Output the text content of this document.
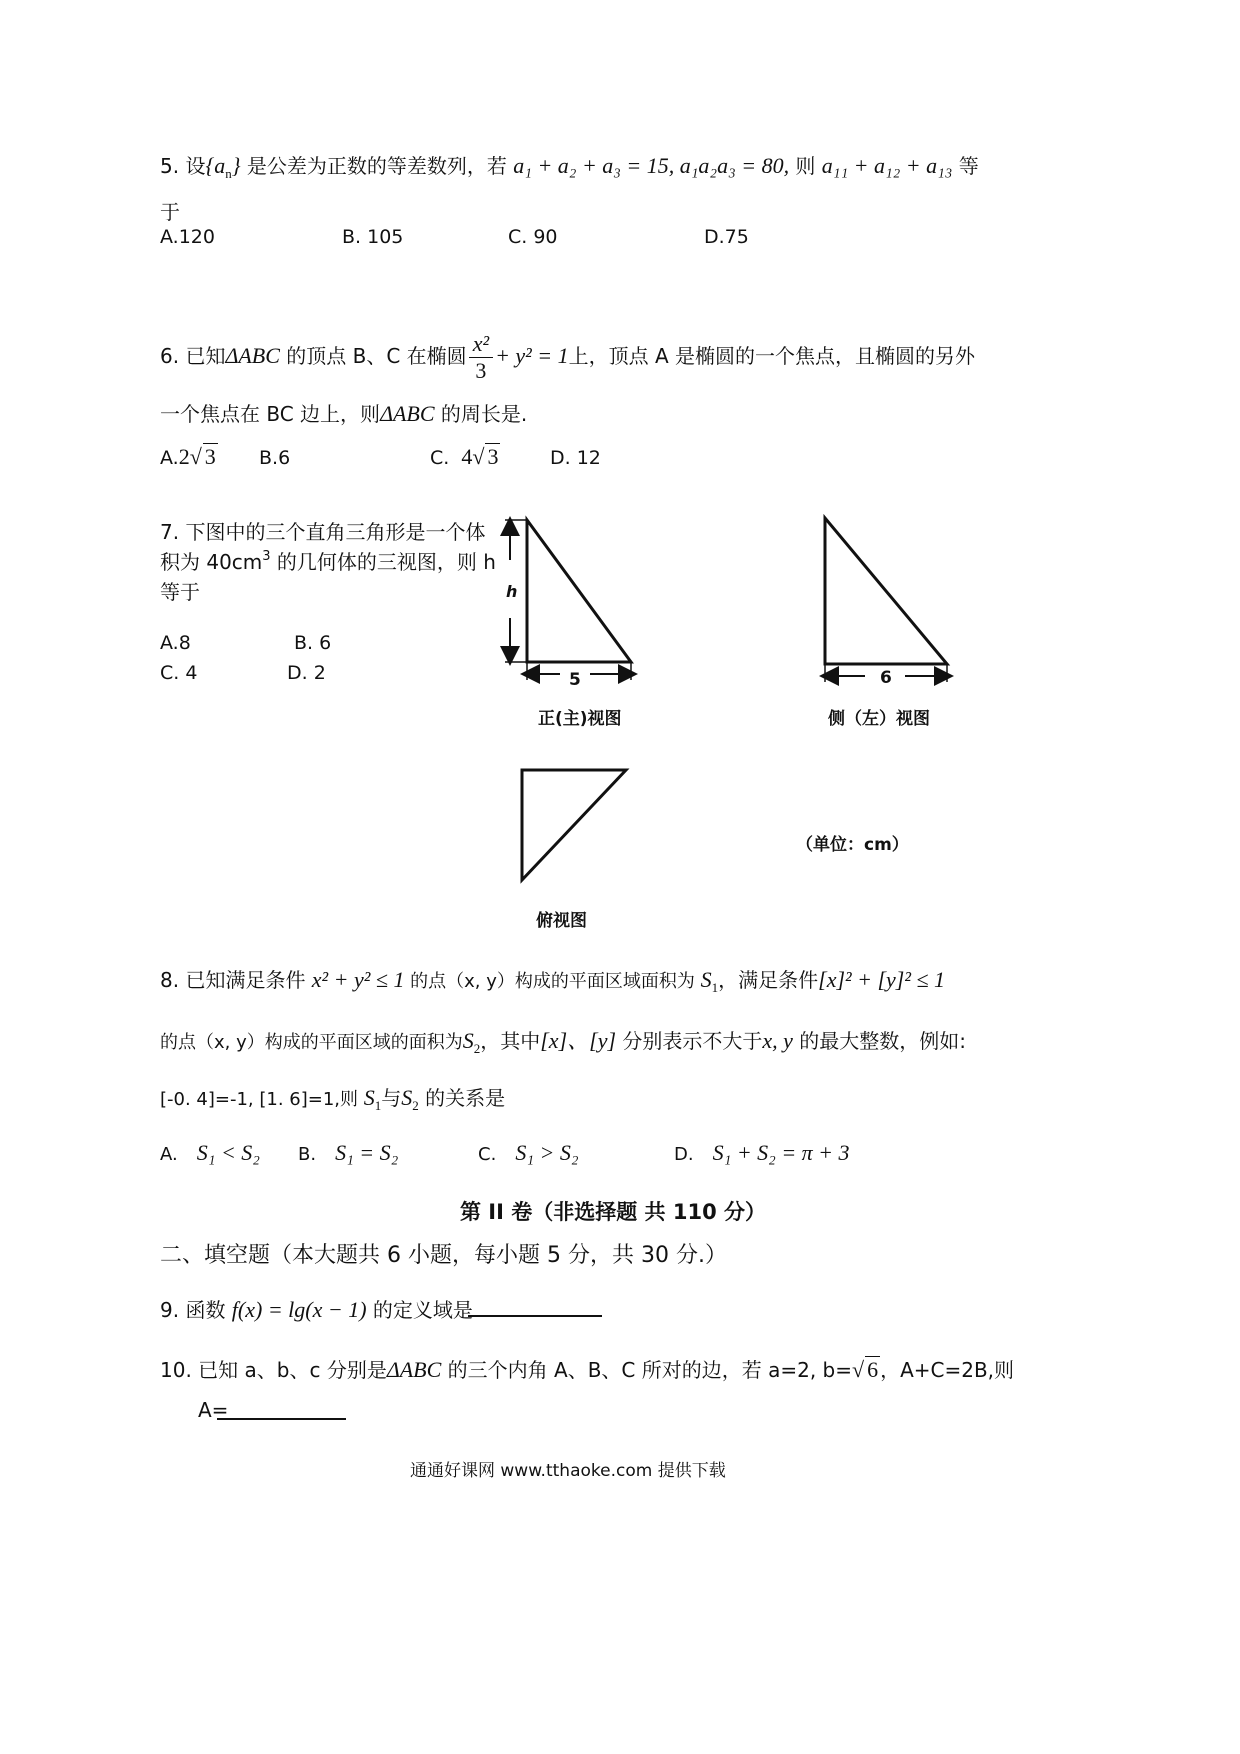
5. 设$\{a_n\}$ 是公差为正数的等差数列，若 a₁ + a₂ + a₃ = 15, a₁a₂a₃ = 80, 则 a₁₁ + a₁₂ + a₁₃ 等
于
A.120	B. 105	C. 90	D.75
6. 已知ΔABC 的顶点 B、C 在椭圆 $\frac{\text{x²}}{3} + y^2 = 1$上，顶点 A 是椭圆的一个焦点，且椭圆的另外
一个焦点在 BC 边上，则ΔABC 的周长是.
A.2√ 3 B.6	C. 4√ 3	D. 12
7. 下图中的三个直角三角形是一个体
积为 $40cm^3$ 的几何体的三视图，则 h
等于
A.8	B. 6
C. 4	D. 2
h
5
正(主)视图
6
侧（左）视图
（单位：cm）
俯视图
8. 已知满足条件 x² + y² ≤ 1 的点（x, y）构成的平面区域面积为 $S_1$，满足条件[x]² + [y]² ≤ 1
的点（x, y）构成的平面区域的面积为$S_2$，其中[x]、[y] 分别表示不大于x, y 的最大整数，例如:
[-0. 4]=-1, [1. 6]=1,则 $S_1$与$S_2$ 的关系是
A. S₁ < S₂ B. S₁ = S₂	C. S₁ > S₂	D. S₁ + S₂ = π + 3
第 II 卷（非选择题 共 110 分）
二、填空题（本大题共 6 小题，每小题 5 分，共 30 分.）
9. 函数 f(x) = lg(x − 1) 的定义域是
10. 已知 a、b、c 分别是ΔABC 的三个内角 A、B、C 所对的边，若 a=2, b=√ 6 ，A+C=2B,则
A=
通通好课网 www.tthaoke.com 提供下载
